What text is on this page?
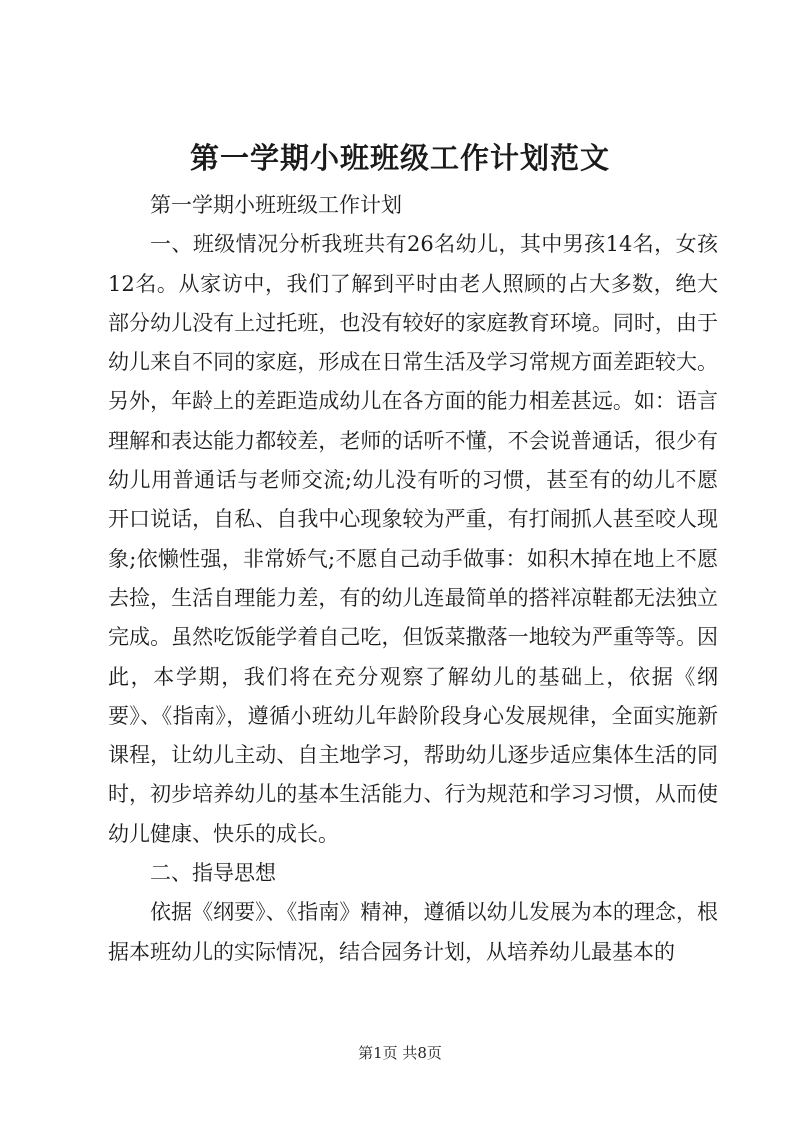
第一学期小班班级工作计划范文

第一学期小班班级工作计划

一、班级情况分析我班共有26名幼儿，其中男孩14名，女孩12名。从家访中，我们了解到平时由老人照顾的占大多数，绝大部分幼儿没有上过托班，也没有较好的家庭教育环境。同时，由于幼儿来自不同的家庭，形成在日常生活及学习常规方面差距较大。另外，年龄上的差距造成幼儿在各方面的能力相差甚远。如：语言理解和表达能力都较差，老师的话听不懂，不会说普通话，很少有幼儿用普通话与老师交流;幼儿没有听的习惯，甚至有的幼儿不愿开口说话，自私、自我中心现象较为严重，有打闹抓人甚至咬人现象;依懒性强，非常娇气;不愿自己动手做事：如积木掉在地上不愿去捡，生活自理能力差，有的幼儿连最简单的搭袢凉鞋都无法独立完成。虽然吃饭能学着自己吃，但饭菜撒落一地较为严重等等。因此，本学期，我们将在充分观察了解幼儿的基础上，依据《纲要》、《指南》，遵循小班幼儿年龄阶段身心发展规律，全面实施新课程，让幼儿主动、自主地学习，帮助幼儿逐步适应集体生活的同时，初步培养幼儿的基本生活能力、行为规范和学习习惯，从而使幼儿健康、快乐的成长。

二、指导思想

依据《纲要》、《指南》精神，遵循以幼儿发展为本的理念，根据本班幼儿的实际情况，结合园务计划，从培养幼儿最基本的

第1页 共8页
